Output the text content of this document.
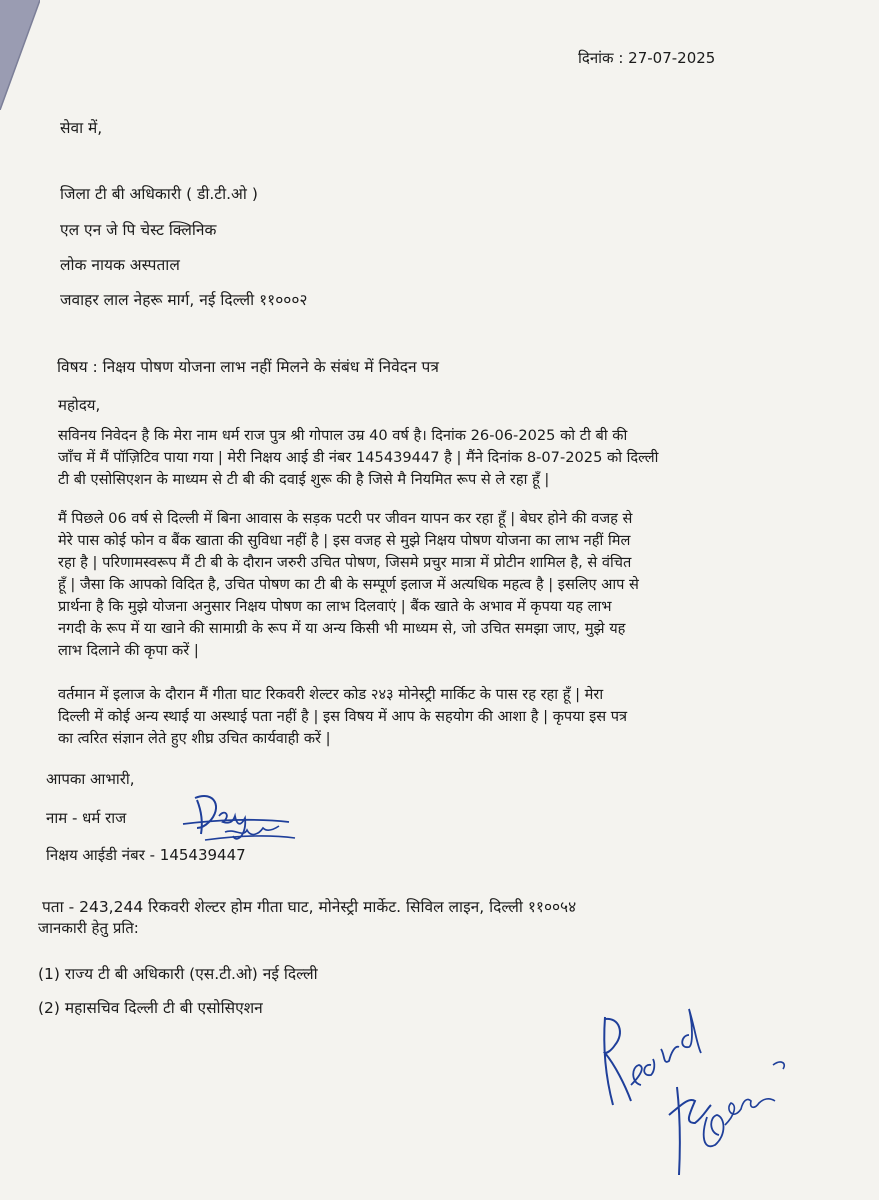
दिनांक : 27-07-2025
सेवा में,
जिला टी बी अधिकारी ( डी.टी.ओ )
एल एन जे पि चेस्ट क्लिनिक
लोक नायक अस्पताल
जवाहर लाल नेहरू मार्ग, नई दिल्ली ११०००२
विषय : निक्षय पोषण योजना लाभ नहीं मिलने के संबंध में निवेदन पत्र
महोदय,
सविनय निवेदन है कि मेरा नाम धर्म राज पुत्र श्री गोपाल उम्र 40 वर्ष है। दिनांक 26-06-2025 को टी बी की
जाँच में मैं पॉज़िटिव पाया गया | मेरी निक्षय आई डी नंबर 145439447 है | मैंने दिनांक 8-07-2025 को दिल्ली
टी बी एसोसिएशन के माध्यम से टी बी की दवाई शुरू की है जिसे मै नियमित रूप से ले रहा हूँ |
मैं पिछले 06 वर्ष से दिल्ली में बिना आवास के सड़क पटरी पर जीवन यापन कर रहा हूँ | बेघर होने की वजह से
मेरे पास कोई फोन व बैंक खाता की सुविधा नहीं है | इस वजह से मुझे निक्षय पोषण योजना का लाभ नहीं मिल
रहा है | परिणामस्वरूप मैं टी बी के दौरान जरुरी उचित पोषण, जिसमे प्रचुर मात्रा में प्रोटीन शामिल है, से वंचित
हूँ | जैसा कि आपको विदित है, उचित पोषण का टी बी के सम्पूर्ण इलाज में अत्यधिक महत्व है | इसलिए आप से
प्रार्थना है कि मुझे योजना अनुसार निक्षय पोषण का लाभ दिलवाएं | बैंक खाते के अभाव में कृपया यह लाभ
नगदी के रूप में या खाने की सामाग्री के रूप में या अन्य किसी भी माध्यम से, जो उचित समझा जाए, मुझे यह
लाभ दिलाने की कृपा करें |
वर्तमान में इलाज के दौरान मैं गीता घाट रिकवरी शेल्टर कोड २४३ मोनेस्ट्री मार्किट के पास रह रहा हूँ | मेरा
दिल्ली में कोई अन्य स्थाई या अस्थाई पता नहीं है | इस विषय में आप के सहयोग की आशा है | कृपया इस पत्र
का त्वरित संज्ञान लेते हुए शीघ्र उचित कार्यवाही करें |
आपका आभारी,
नाम - धर्म राज
निक्षय आईडी नंबर - 145439447
पता - 243,244 रिकवरी शेल्टर होम गीता घाट, मोनेस्ट्री मार्केट. सिविल लाइन, दिल्ली ११००५४
जानकारी हेतु प्रति:
(1) राज्य टी बी अधिकारी (एस.टी.ओ) नई दिल्ली
(2) महासचिव दिल्ली टी बी एसोसिएशन
